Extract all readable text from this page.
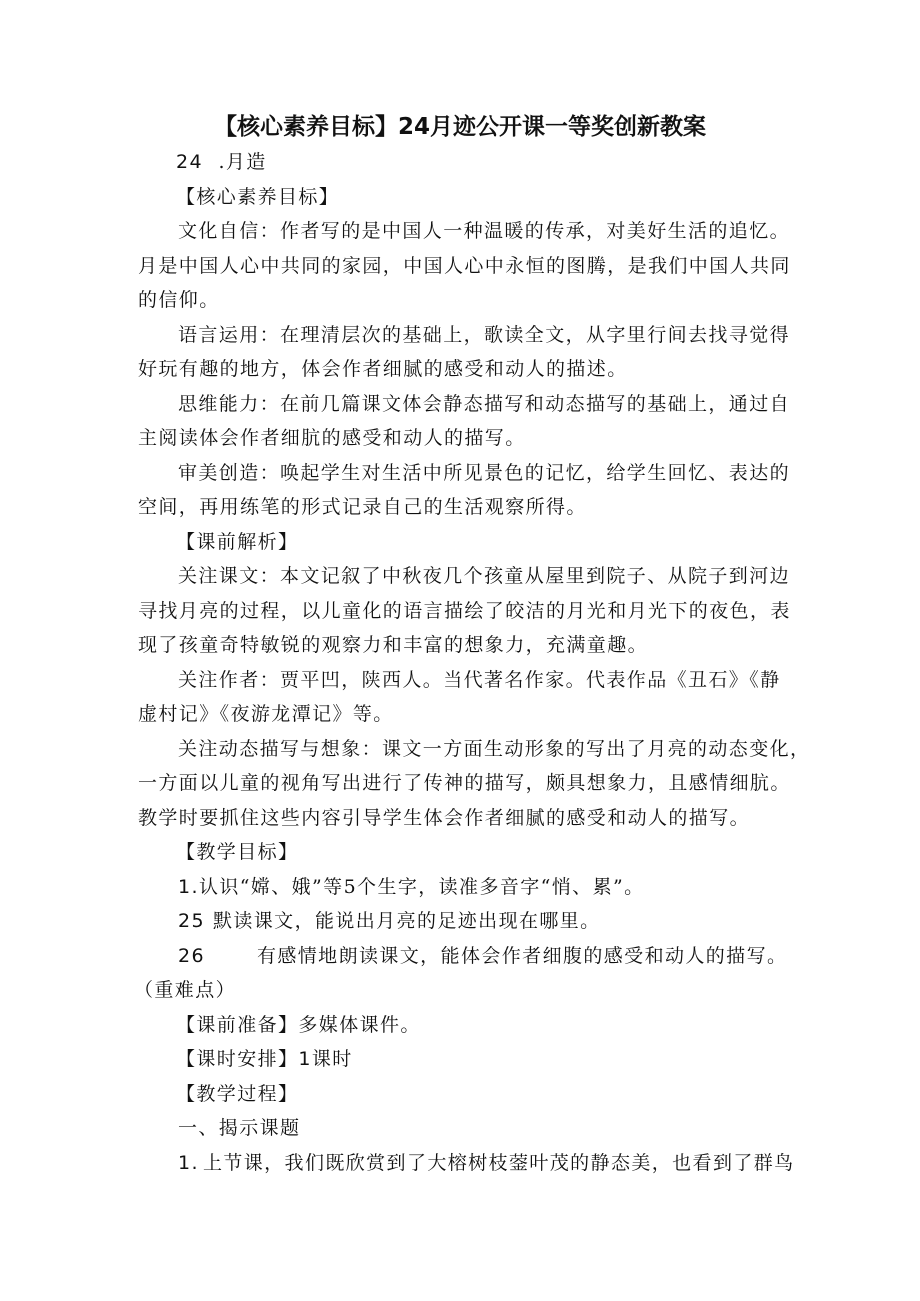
【核心素养目标】24月迹公开课一等奖创新教案
24 .月造
【核心素养目标】
文化自信：作者写的是中国人一种温暖的传承，对美好生活的追忆。
月是中国人心中共同的家园，中国人心中永恒的图腾，是我们中国人共同
的信仰。
语言运用：在理清层次的基础上，歌读全文，从字里行间去找寻觉得
好玩有趣的地方，体会作者细腻的感受和动人的描述。
思维能力：在前几篇课文体会静态描写和动态描写的基础上，通过自
主阅读体会作者细肮的感受和动人的描写。
审美创造：唤起学生对生活中所见景色的记忆，给学生回忆、表达的
空间，再用练笔的形式记录自己的生活观察所得。
【课前解析】
关注课文：本文记叙了中秋夜几个孩童从屋里到院子、从院子到河边
寻找月亮的过程，以儿童化的语言描绘了皎洁的月光和月光下的夜色，表
现了孩童奇特敏锐的观察力和丰富的想象力，充满童趣。
关注作者：贾平凹，陕西人。当代著名作家。代表作品《丑石》《静
虚村记》《夜游龙潭记》等。
关注动态描写与想象：课文一方面生动形象的写出了月亮的动态变化，
一方面以儿童的视角写出进行了传神的描写，颇具想象力，且感情细肮。
教学时要抓住这些内容引导学生体会作者细腻的感受和动人的描写。
【教学目标】
1.认识“嫦、娥”等5个生字，读准多音字“悄、累”。
25 默读课文，能说出月亮的足迹出现在哪里。
26	有感情地朗读课文，能体会作者细腹的感受和动人的描写。
（重难点）
【课前准备】多媒体课件。
【课时安排】1课时
【教学过程】
一、揭示课题
1. 上节课，我们既欣赏到了大榕树枝蓥叶茂的静态美，也看到了群鸟
